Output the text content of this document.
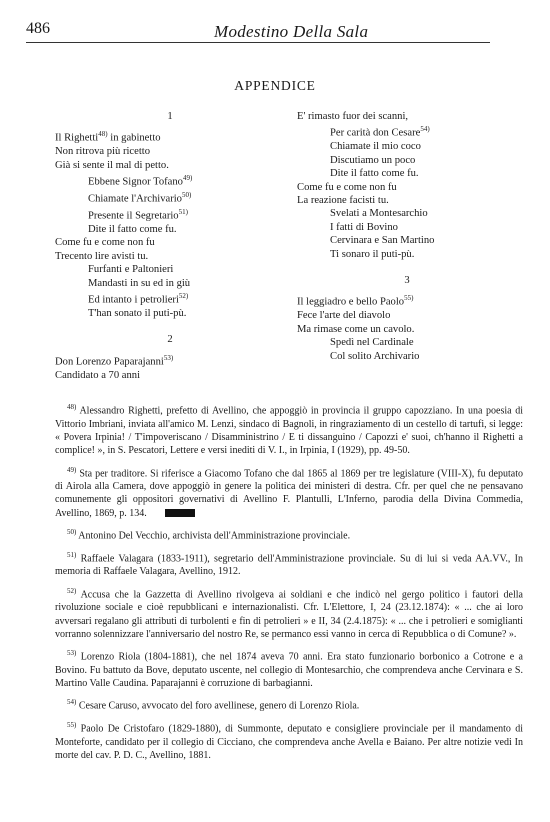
486	Modestino Della Sala
APPENDICE
1
Il Righetti$^{48)}$ in gabinetto
Non ritrova più ricetto
Già si sente il mal di petto.
Ebbene Signor Tofano$^{49)}$
Chiamate l'Archivario$^{50)}$
Presente il Segretario$^{51)}$
Dite il fatto come fu.
Come fu e come non fu
Trecento lire avisti tu.
Furfanti e Paltonieri
Mandasti in su ed in giù
Ed intanto i petrolieri$^{52)}$
T'han sonato il puti-pù.
2
Don Lorenzo Paparajanni$^{53)}$
Candidato a 70 anni
E' rimasto fuor dei scanni,
Per carità don Cesare$^{54)}$
Chiamate il mio coco
Discutiamo un poco
Dite il fatto come fu.
Come fu e come non fu
La reazione facisti tu.
Svelati a Montesarchio
I fatti di Bovino
Cervinara e San Martino
Ti sonaro il puti-pù.
3
Il leggiadro e bello Paolo$^{55)}$
Fece l'arte del diavolo
Ma rimase come un cavolo.
Spedì nel Cardinale
Col solito Archivario

$^{48)}$ Alessandro Righetti, prefetto di Avellino, che appoggiò in provincia il gruppo capozziano. In una poesia di Vittorio Imbriani, inviata all'amico M. Lenzi, sindaco di Bagnoli, in ringraziamento di un cestello di tartufi, si legge: « Povera Irpinia! / T'impoveriscano / Disamministrino / E ti dissanguino / Capozzi e' suoi, ch'hanno il Righetti a complice! », in S. Pescatori, Lettere e versi inediti di V. I., in Irpinia, I (1929), pp. 49-50.

$^{49)}$ Sta per traditore. Si riferisce a Giacomo Tofano che dal 1865 al 1869 per tre legislature (VIII-X), fu deputato di Airola alla Camera, dove appoggiò in genere la politica dei ministeri di destra. Cfr. per quel che ne pensavano comunemente gli oppositori governativi di Avellino F. Plantulli, L'Inferno, parodia della Divina Commedia, Avellino, 1869, p. 134.

$^{50)}$ Antonino Del Vecchio, archivista dell'Amministrazione provinciale.

$^{51)}$ Raffaele Valagara (1833-1911), segretario dell'Amministrazione provinciale. Su di lui si veda AA.VV., In memoria di Raffaele Valagara, Avellino, 1912.

$^{52)}$ Accusa che la Gazzetta di Avellino rivolgeva ai soldiani e che indicò nel gergo politico i fautori della rivoluzione sociale e cioè repubblicani e internazionalisti. Cfr. L'Elettore, I, 24 (23.12.1874): « ... che ai loro avversari regalano gli attributi di turbolenti e fin di petrolieri » e II, 34 (2.4.1875): « ... che i petrolieri e somiglianti vorranno solennizzare l'anniversario del nostro Re, se permanco essi vanno in cerca di Repubblica o di Comune? ».

$^{53)}$ Lorenzo Riola (1804-1881), che nel 1874 aveva 70 anni. Era stato funzionario borbonico a Cotrone e a Bovino. Fu battuto da Bove, deputato uscente, nel collegio di Montesarchio, che comprendeva anche Cervinara e S. Martino Valle Caudina. Paparajanni è corruzione di barbagianni.

$^{54)}$ Cesare Caruso, avvocato del foro avellinese, genero di Lorenzo Riola.

$^{55)}$ Paolo De Cristofaro (1829-1880), di Summonte, deputato e consigliere provinciale per il mandamento di Monteforte, candidato per il collegio di Cicciano, che comprendeva anche Avella e Baiano. Per altre notizie vedi In morte del cav. P. D. C., Avellino, 1881.
